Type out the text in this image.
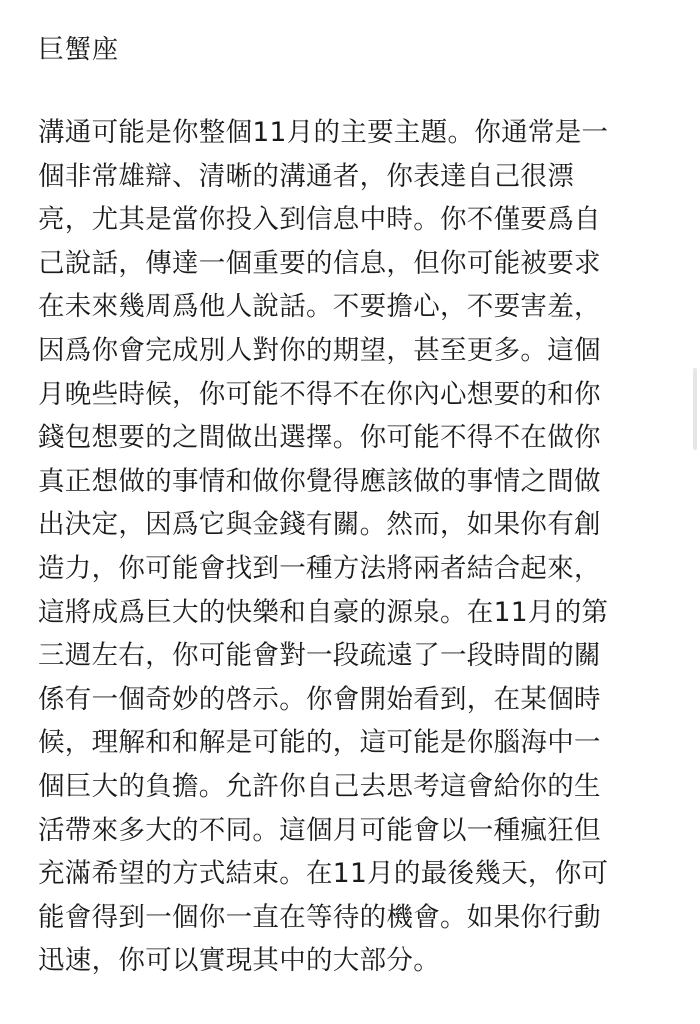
巨蟹座
溝通可能是你整個11月的主要主題。你通常是一
個非常雄辯、清晰的溝通者，你表達自己很漂
亮，尤其是當你投入到信息中時。你不僅要爲自
己說話，傳達一個重要的信息，但你可能被要求
在未來幾周爲他人說話。不要擔心，不要害羞，
因爲你會完成別人對你的期望，甚至更多。這個
月晚些時候，你可能不得不在你內心想要的和你
錢包想要的之間做出選擇。你可能不得不在做你
真正想做的事情和做你覺得應該做的事情之間做
出決定，因爲它與金錢有關。然而，如果你有創
造力，你可能會找到一種方法將兩者結合起來，
這將成爲巨大的快樂和自豪的源泉。在11月的第
三週左右，你可能會對一段疏遠了一段時間的關
係有一個奇妙的啓示。你會開始看到，在某個時
候，理解和和解是可能的，這可能是你腦海中一
個巨大的負擔。允許你自己去思考這會給你的生
活帶來多大的不同。這個月可能會以一種瘋狂但
充滿希望的方式結束。在11月的最後幾天，你可
能會得到一個你一直在等待的機會。如果你行動
迅速，你可以實現其中的大部分。
